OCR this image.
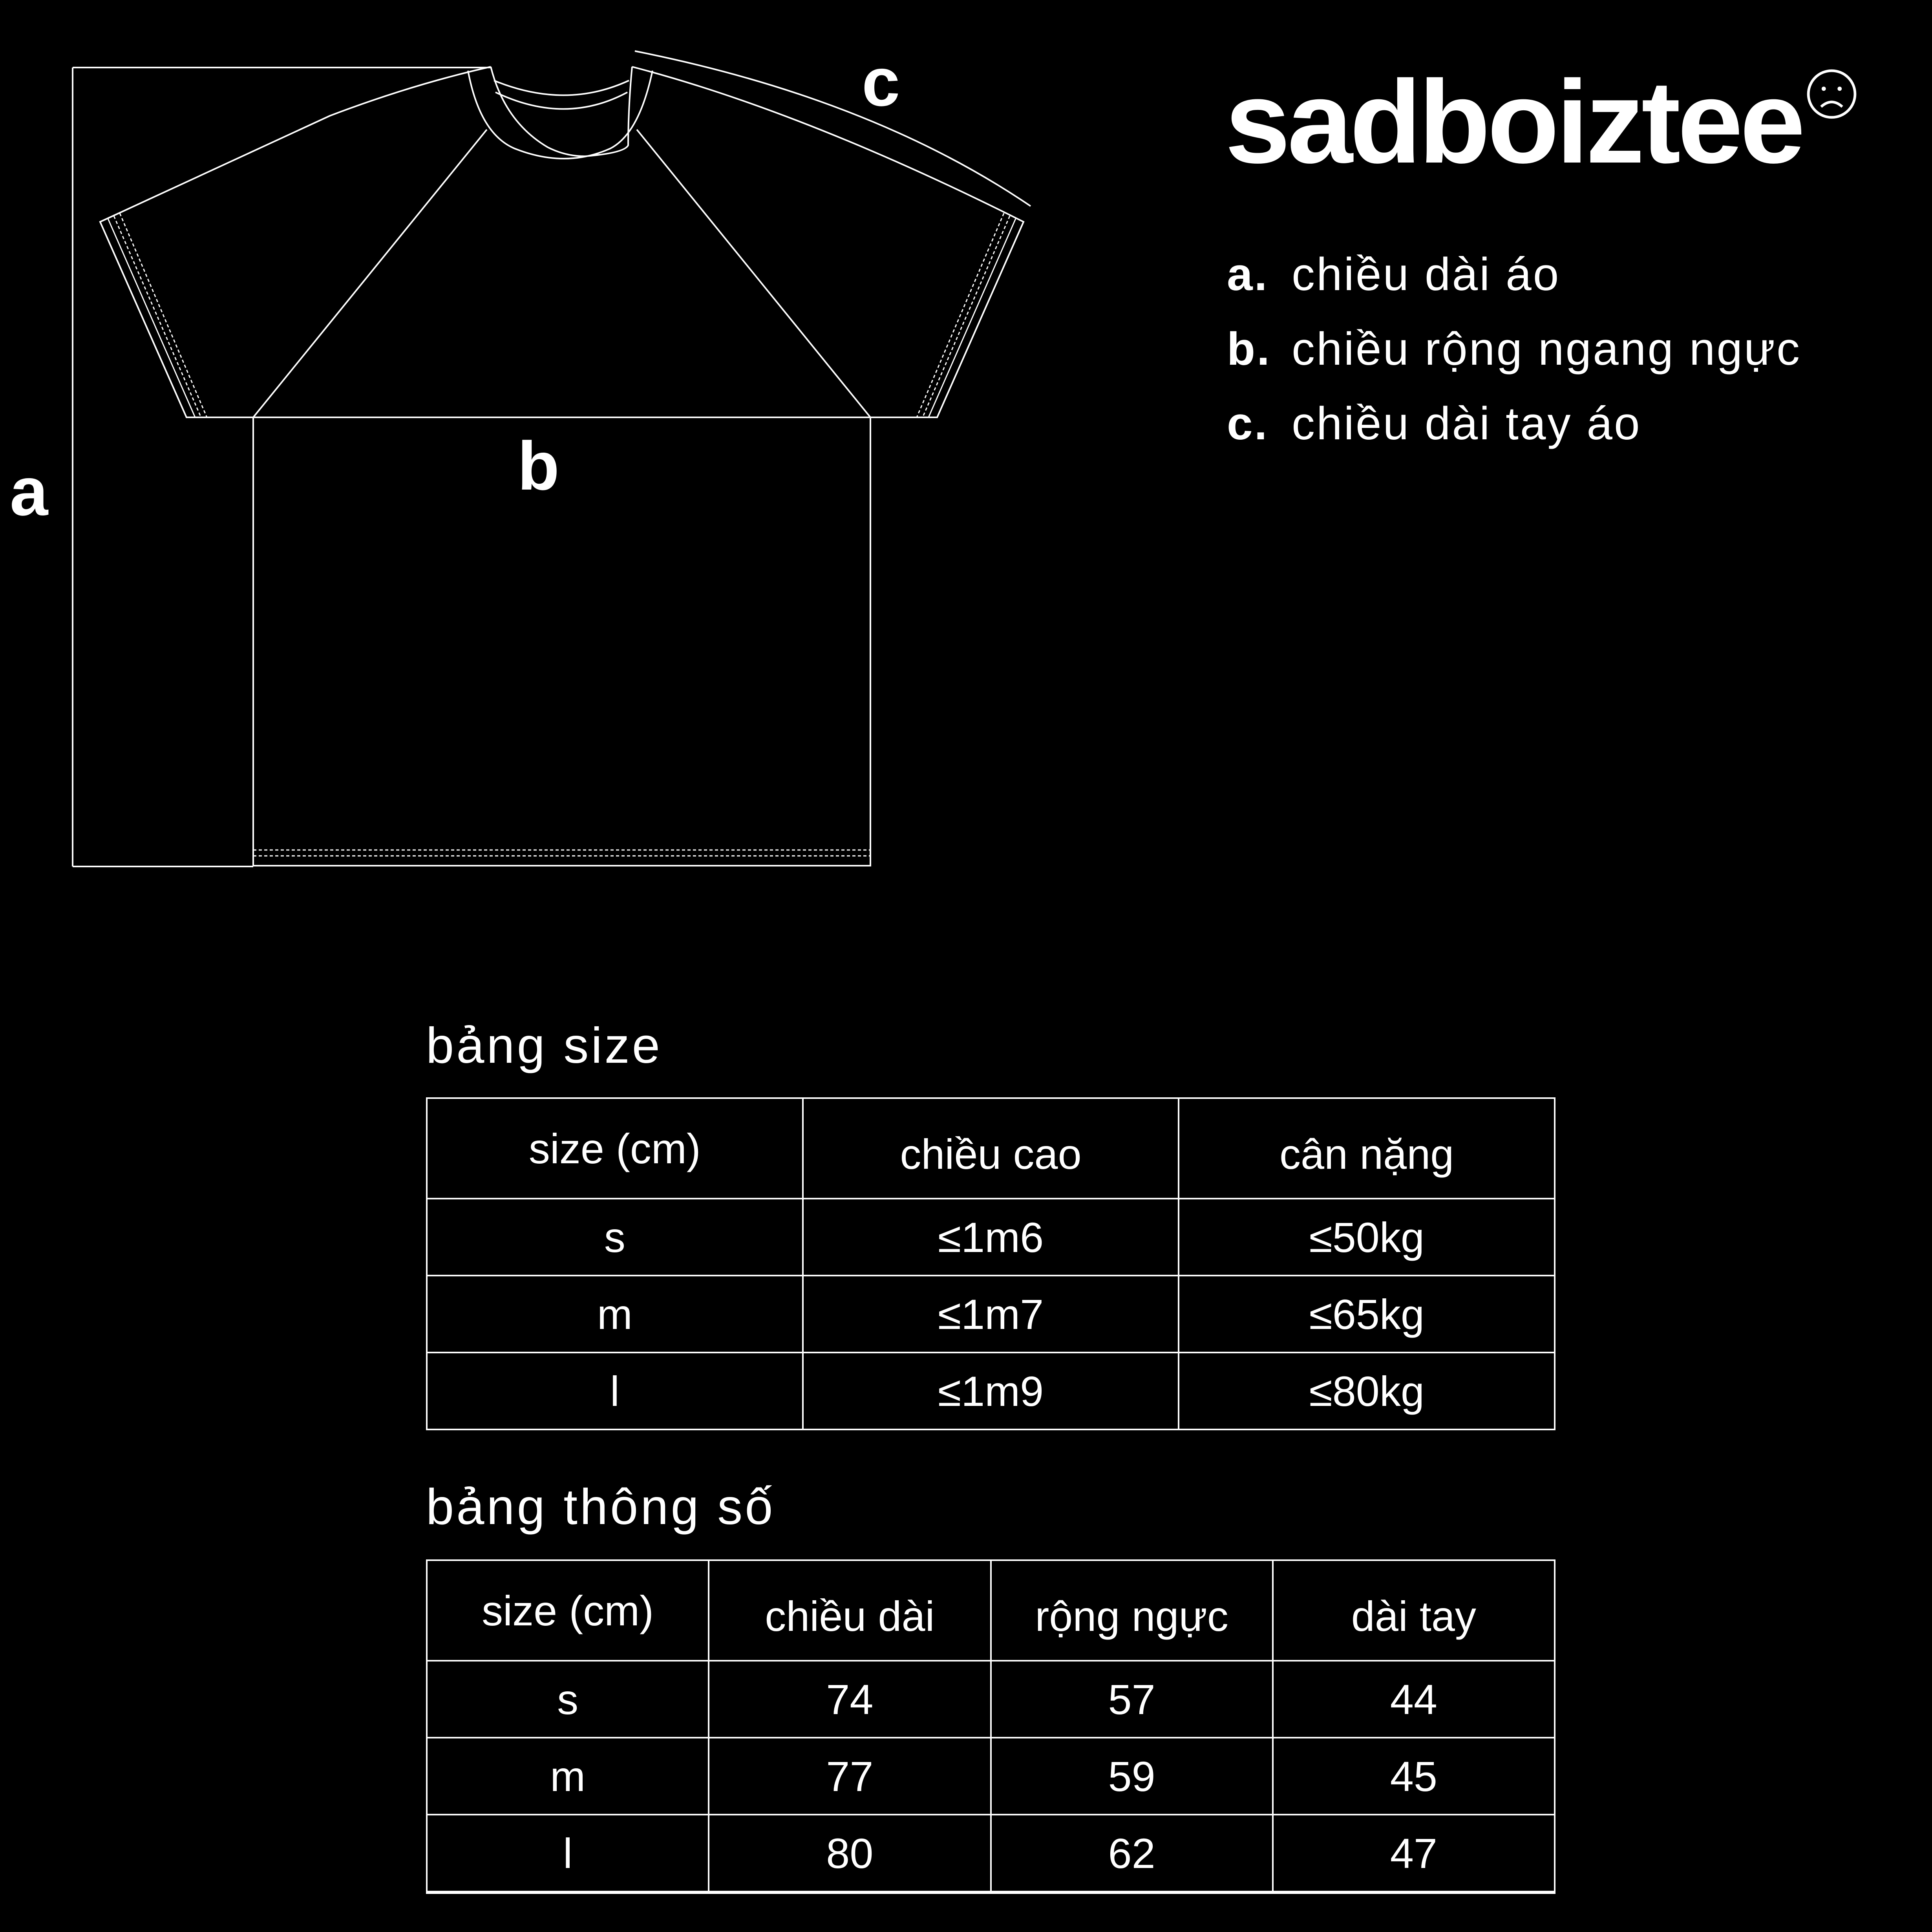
a	b
c	sadboiztee
a. chiều dài áo
b. chiều rộng ngang ngực
c. chiều dài tay áo
bảng size
size (cm)	chiều cao	cân nặng
s	≤1m6	≤50kg
m	≤1m7	≤65kg
l	≤1m9	≤80kg
bảng thông số
size (cm)	chiều dài	rộng ngực	dài tay
s	74	57	44
m	77	59	45
l	80	62	47
